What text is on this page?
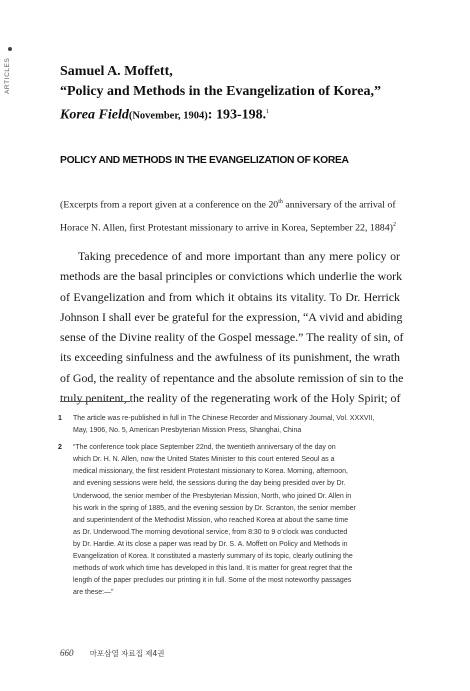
ARTICLES	Samuel A. Moffett,
“Policy and Methods in the Evangelization of Korea,”
Korea Field(November, 1904): 193-198.$^1$
POLICY AND METHODS IN THE EVANGELIZATION OF KOREA
(Excerpts from a report given at a conference on the 20th anniversary of the arrival of
Horace N. Allen, first Protestant missionary to arrive in Korea, September 22, 1884)$^2$
Taking precedence of and more important than any mere policy or
methods are the basal principles or convictions which underlie the work
of Evangelization and from which it obtains its vitality. To Dr. Herrick
Johnson I shall ever be grateful for the expression, “A vivid and abiding
sense of the Divine reality of the Gospel message.” The reality of sin, of
its exceeding sinfulness and the awfulness of its punishment, the wrath
of God, the reality of repentance and the absolute remission of sin to the
truly penitent, the reality of the regenerating work of the Holy Spirit; of
1 The article was re-published in full in The Chinese Recorder and Missionary Journal, Vol. XXXVII,
May, 1906, No. 5, American Presbyterian Mission Press, Shanghai, China
2 “The conference took place September 22nd, the twentieth anniversary of the day on
which Dr. H. N. Allen, now the United States Minister to this court entered Seoul as a
medical missionary, the first resident Protestant missionary to Korea. Morning, afternoon,
and evening sessions were held, the sessions during the day being presided over by Dr.
Underwood, the senior member of the Presbyterian Mission, North, who joined Dr. Allen in
his work in the spring of 1885, and the evening session by Dr. Scranton, the senior member
and superintendent of the Methodist Mission, who reached Korea at about the same time
as Dr. Underwood.The morning devotional service, from 8:30 to 9 o’clock was conducted
by Dr. Hardie. At its close a paper was read by Dr. S. A. Moffett on Policy and Methods in
Evangelization of Korea. It constituted a masterly summary of its topic, clearly outlining the
methods of work which time has developed in this land. It is matter for great regret that the
length of the paper precludes our printing it in full. Some of the most noteworthy passages
are these:—”
660 마포삼열 자료집 제4권
